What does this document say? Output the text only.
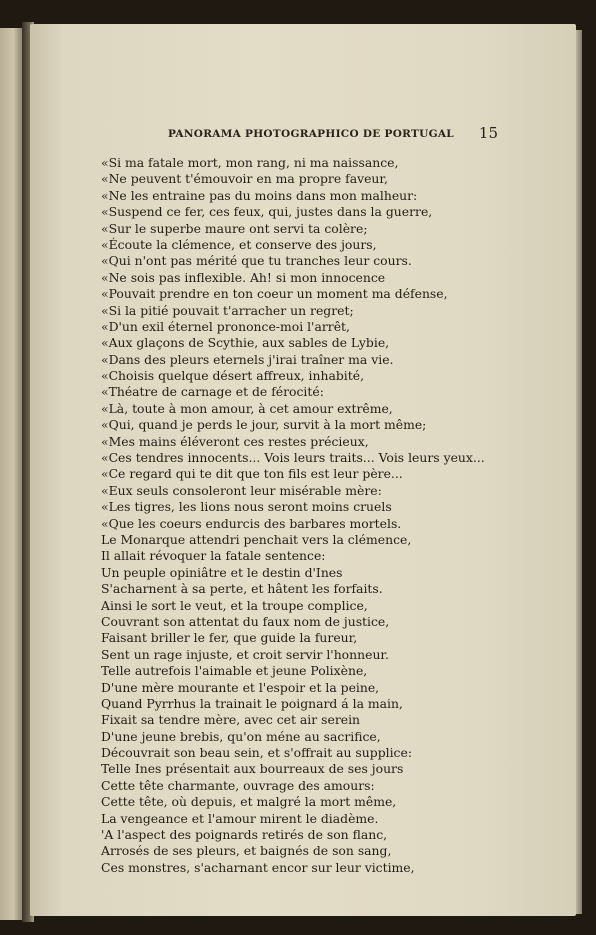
PANORAMA PHOTOGRAPHICO DE PORTUGAL 15
«Si ma fatale mort, mon rang, ni ma naissance,
«Ne peuvent t'émouvoir en ma propre faveur,
«Ne les entraine pas du moins dans mon malheur:
«Suspend ce fer, ces feux, qui, justes dans la guerre,
«Sur le superbe maure ont servi ta colère;
«Écoute la clémence, et conserve des jours,
«Qui n'ont pas mérité que tu tranches leur cours.
«Ne sois pas inflexible. Ah! si mon innocence
«Pouvait prendre en ton coeur un moment ma défense,
«Si la pitié pouvait t'arracher un regret;
«D'un exil éternel prononce-moi l'arrêt,
«Aux glaçons de Scythie, aux sables de Lybie,
«Dans des pleurs eternels j'irai traîner ma vie.
«Choisis quelque désert affreux, inhabité,
«Théatre de carnage et de férocité:
«Là, toute à mon amour, à cet amour extrême,
«Qui, quand je perds le jour, survit à la mort même;
«Mes mains éléveront ces restes précieux,
«Ces tendres innocents... Vois leurs traits... Vois leurs yeux...
«Ce regard qui te dit que ton fils est leur père...
«Eux seuls consoleront leur misérable mère:
«Les tigres, les lions nous seront moins cruels
«Que les coeurs endurcis des barbares mortels.
Le Monarque attendri penchait vers la clémence,
Il allait révoquer la fatale sentence:
Un peuple opiniâtre et le destin d'Ines
S'acharnent à sa perte, et hâtent les forfaits.
Ainsi le sort le veut, et la troupe complice,
Couvrant son attentat du faux nom de justice,
Faisant briller le fer, que guide la fureur,
Sent un rage injuste, et croit servir l'honneur.
Telle autrefois l'aimable et jeune Polixène,
D'une mère mourante et l'espoir et la peine,
Quand Pyrrhus la trainait le poignard á la main,
Fixait sa tendre mère, avec cet air serein
D'une jeune brebis, qu'on méne au sacrifice,
Découvrait son beau sein, et s'offrait au supplice:
Telle Ines présentait aux bourreaux de ses jours
Cette tête charmante, ouvrage des amours:
Cette tête, où depuis, et malgré la mort même,
La vengeance et l'amour mirent le diadème.
'A l'aspect des poignards retirés de son flanc,
Arrosés de ses pleurs, et baignés de son sang,
Ces monstres, s'acharnant encor sur leur victime,
